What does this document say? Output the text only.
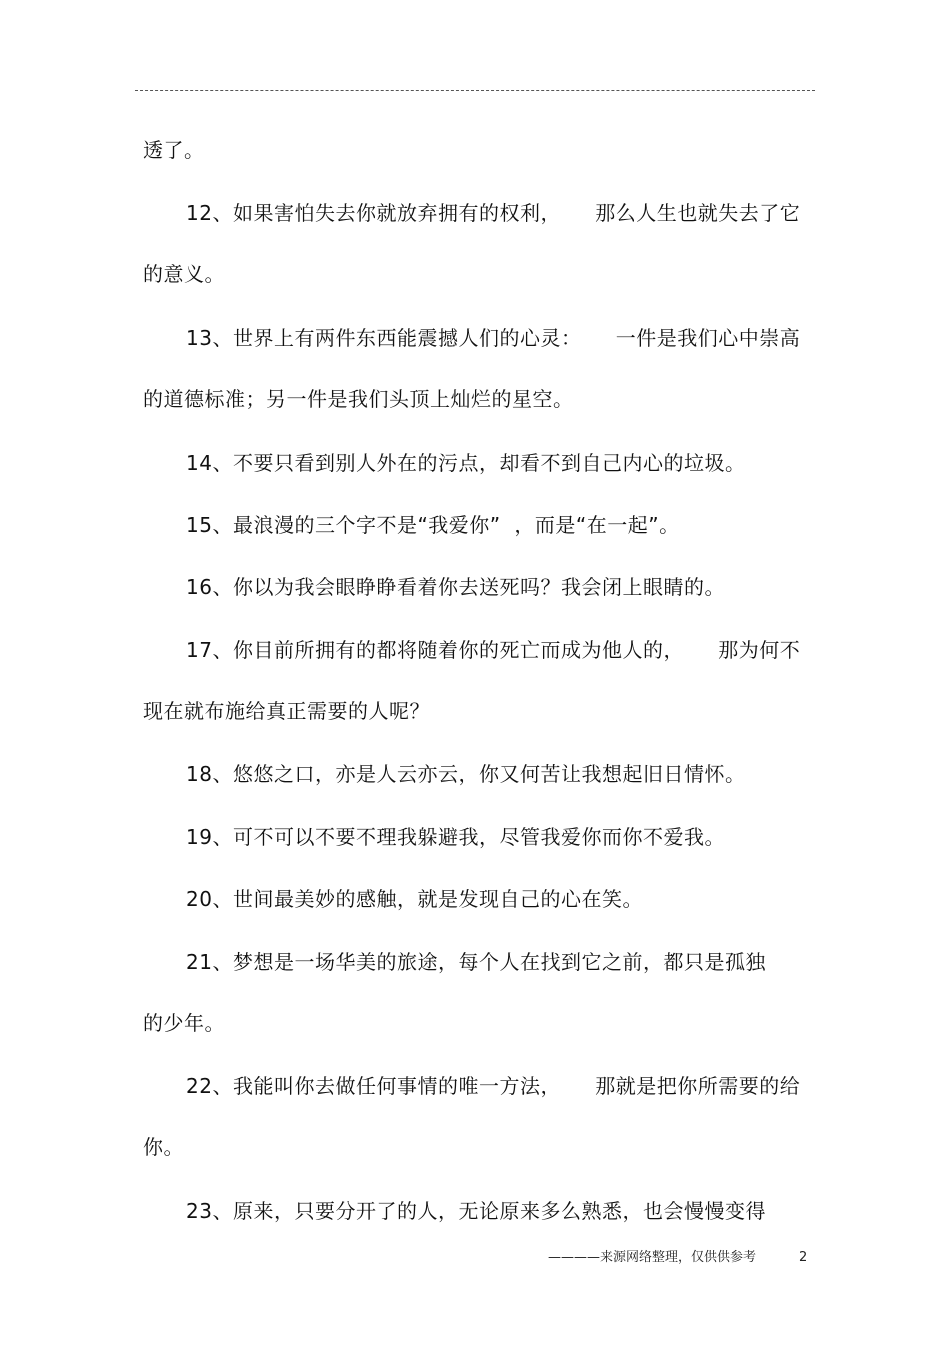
透了。
12、如果害怕失去你就放弃拥有的权利，     那么人生也就失去了它
的意义。
13、世界上有两件东西能震撼人们的心灵：     一件是我们心中崇高
的道德标准；另一件是我们头顶上灿烂的星空。
14、不要只看到别人外在的污点，却看不到自己内心的垃圾。
15、最浪漫的三个字不是“我爱你”  ，而是“在一起”。
16、你以为我会眼睁睁看着你去送死吗？我会闭上眼睛的。
17、你目前所拥有的都将随着你的死亡而成为他人的，     那为何不
现在就布施给真正需要的人呢？
18、悠悠之口，亦是人云亦云，你又何苦让我想起旧日情怀。
19、可不可以不要不理我躲避我，尽管我爱你而你不爱我。
20、世间最美妙的感触，就是发现自己的心在笑。
21、梦想是一场华美的旅途，每个人在找到它之前，都只是孤独
的少年。
22、我能叫你去做任何事情的唯一方法，     那就是把你所需要的给
你。
23、原来，只要分开了的人，无论原来多么熟悉，也会慢慢变得
————来源网络整理，仅供供参考	2
